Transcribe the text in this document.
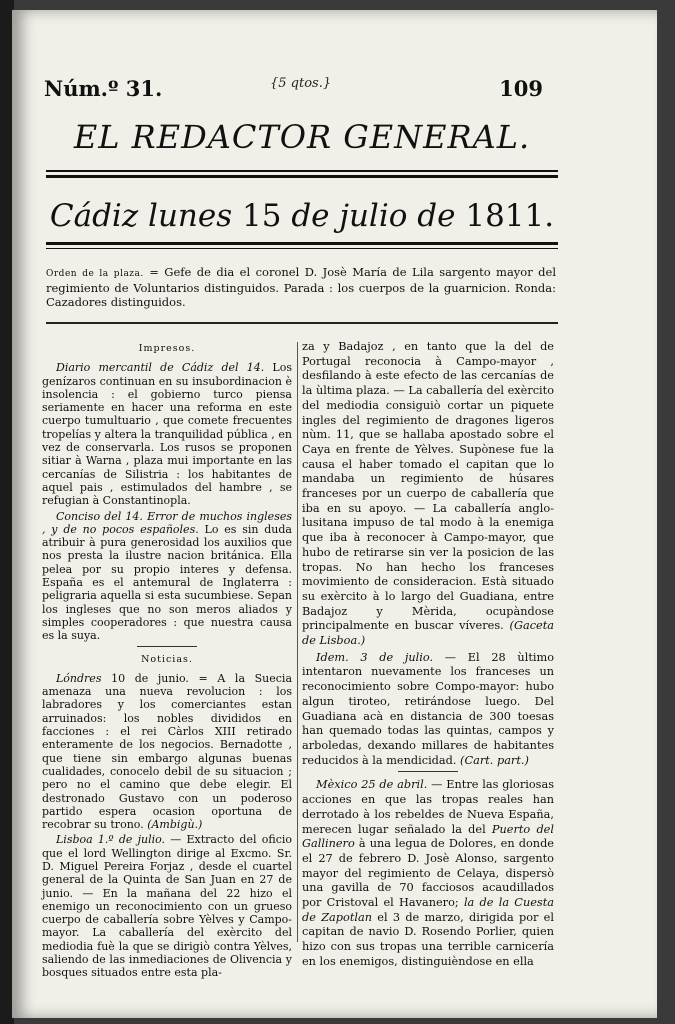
Núm.º 31.	{5 qtos.}	109
EL REDACTOR GENERAL.
Cádiz lunes 15 de julio de 1811.
Orden de la plaza. = Gefe de dia el coronel D. Josè María de Lila sargento mayor del regimiento de Voluntarios distinguidos. Parada : los cuerpos de la guarnicion. Ronda: Cazadores distinguidos.
Impresos.

Diario mercantil de Cádiz del 14. Los genízaros continuan en su insubordinacion è insolencia : el gobierno turco piensa seriamente en hacer una reforma en este cuerpo tumultuario , que comete frecuentes tropelías y altera la tranquilidad pública , en vez de conservarla. Los rusos se proponen sitiar à Warna , plaza mui importante en las cercanías de Silistria : los habitantes de aquel pais , estimulados del hambre , se refugian à Constantinopla.

Conciso del 14. Error de muchos ingleses , y de no pocos españoles. Lo es sin duda atribuir à pura generosidad los auxilios que nos presta la ilustre nacion británica. Ella pelea por su propio interes y defensa. España es el antemural de Inglaterra : peligraria aquella si esta sucumbiese. Sepan los ingleses que no son meros aliados y simples cooperadores : que nuestra causa es la suya.

Noticias.

Lóndres 10 de junio. = A la Suecia amenaza una nueva revolucion : los labradores y los comerciantes estan arruinados: los nobles divididos en facciones : el rei Càrlos XIII retirado enteramente de los negocios. Bernadotte , que tiene sin embargo algunas buenas cualidades, conocelo debil de su situacion ; pero no el camino que debe elegir. El destronado Gustavo con un poderoso partido espera ocasion oportuna de recobrar su trono. (Ambigù.)

Lisboa 1.º de julio. — Extracto del oficio que el lord Wellington dirige al Excmo. Sr. D. Miguel Pereira Forjaz , desde el cuartel general de la Quinta de San Juan en 27 de junio. — En la mañana del 22 hizo el enemigo un reconocimiento con un grueso cuerpo de caballería sobre Yèlves y Campo-mayor. La caballería del exèrcito del mediodia fuè la que se dirigiò contra Yèlves, saliendo de las inmediaciones de Olivencia y bosques situados entre esta pla-

za y Badajoz , en tanto que la del de Portugal reconocia à Campo-mayor , desfilando à este efecto de las cercanías de la ùltima plaza. — La caballería del exèrcito del mediodia consiguiò cortar un piquete ingles del regimiento de dragones ligeros nùm. 11, que se hallaba apostado sobre el Caya en frente de Yèlves. Supònese fue la causa el haber tomado el capitan que lo mandaba un regimiento de húsares franceses por un cuerpo de caballería que iba en su apoyo. — La caballería anglo-lusitana impuso de tal modo à la enemiga que iba à reconocer à Campo-mayor, que hubo de retirarse sin ver la posicion de las tropas. No han hecho los franceses movimiento de consideracion. Està situado su exèrcito à lo largo del Guadiana, entre Badajoz y Mèrida, ocupàndose principalmente en buscar víveres. (Gaceta de Lisboa.)

Idem. 3 de julio. — El 28 ùltimo intentaron nuevamente los franceses un reconocimiento sobre Compo-mayor: hubo algun tiroteo, retirándose luego. Del Guadiana acà en distancia de 300 toesas han quemado todas las quintas, campos y arboledas, dexando millares de habitantes reducidos à la mendicidad. (Cart. part.)

Mèxico 25 de abril. — Entre las gloriosas acciones en que las tropas reales han derrotado à los rebeldes de Nueva España, merecen lugar señalado la del Puerto del Gallinero à una legua de Dolores, en donde el 27 de febrero D. Josè Alonso, sargento mayor del regimiento de Celaya, dispersò una gavilla de 70 facciosos acaudillados por Cristoval el Havanero; la de la Cuesta de Zapotlan el 3 de marzo, dirigida por el capitan de navio D. Rosendo Porlier, quien hizo con sus tropas una terrible carnicería en los enemigos, distinguièndose en ella
